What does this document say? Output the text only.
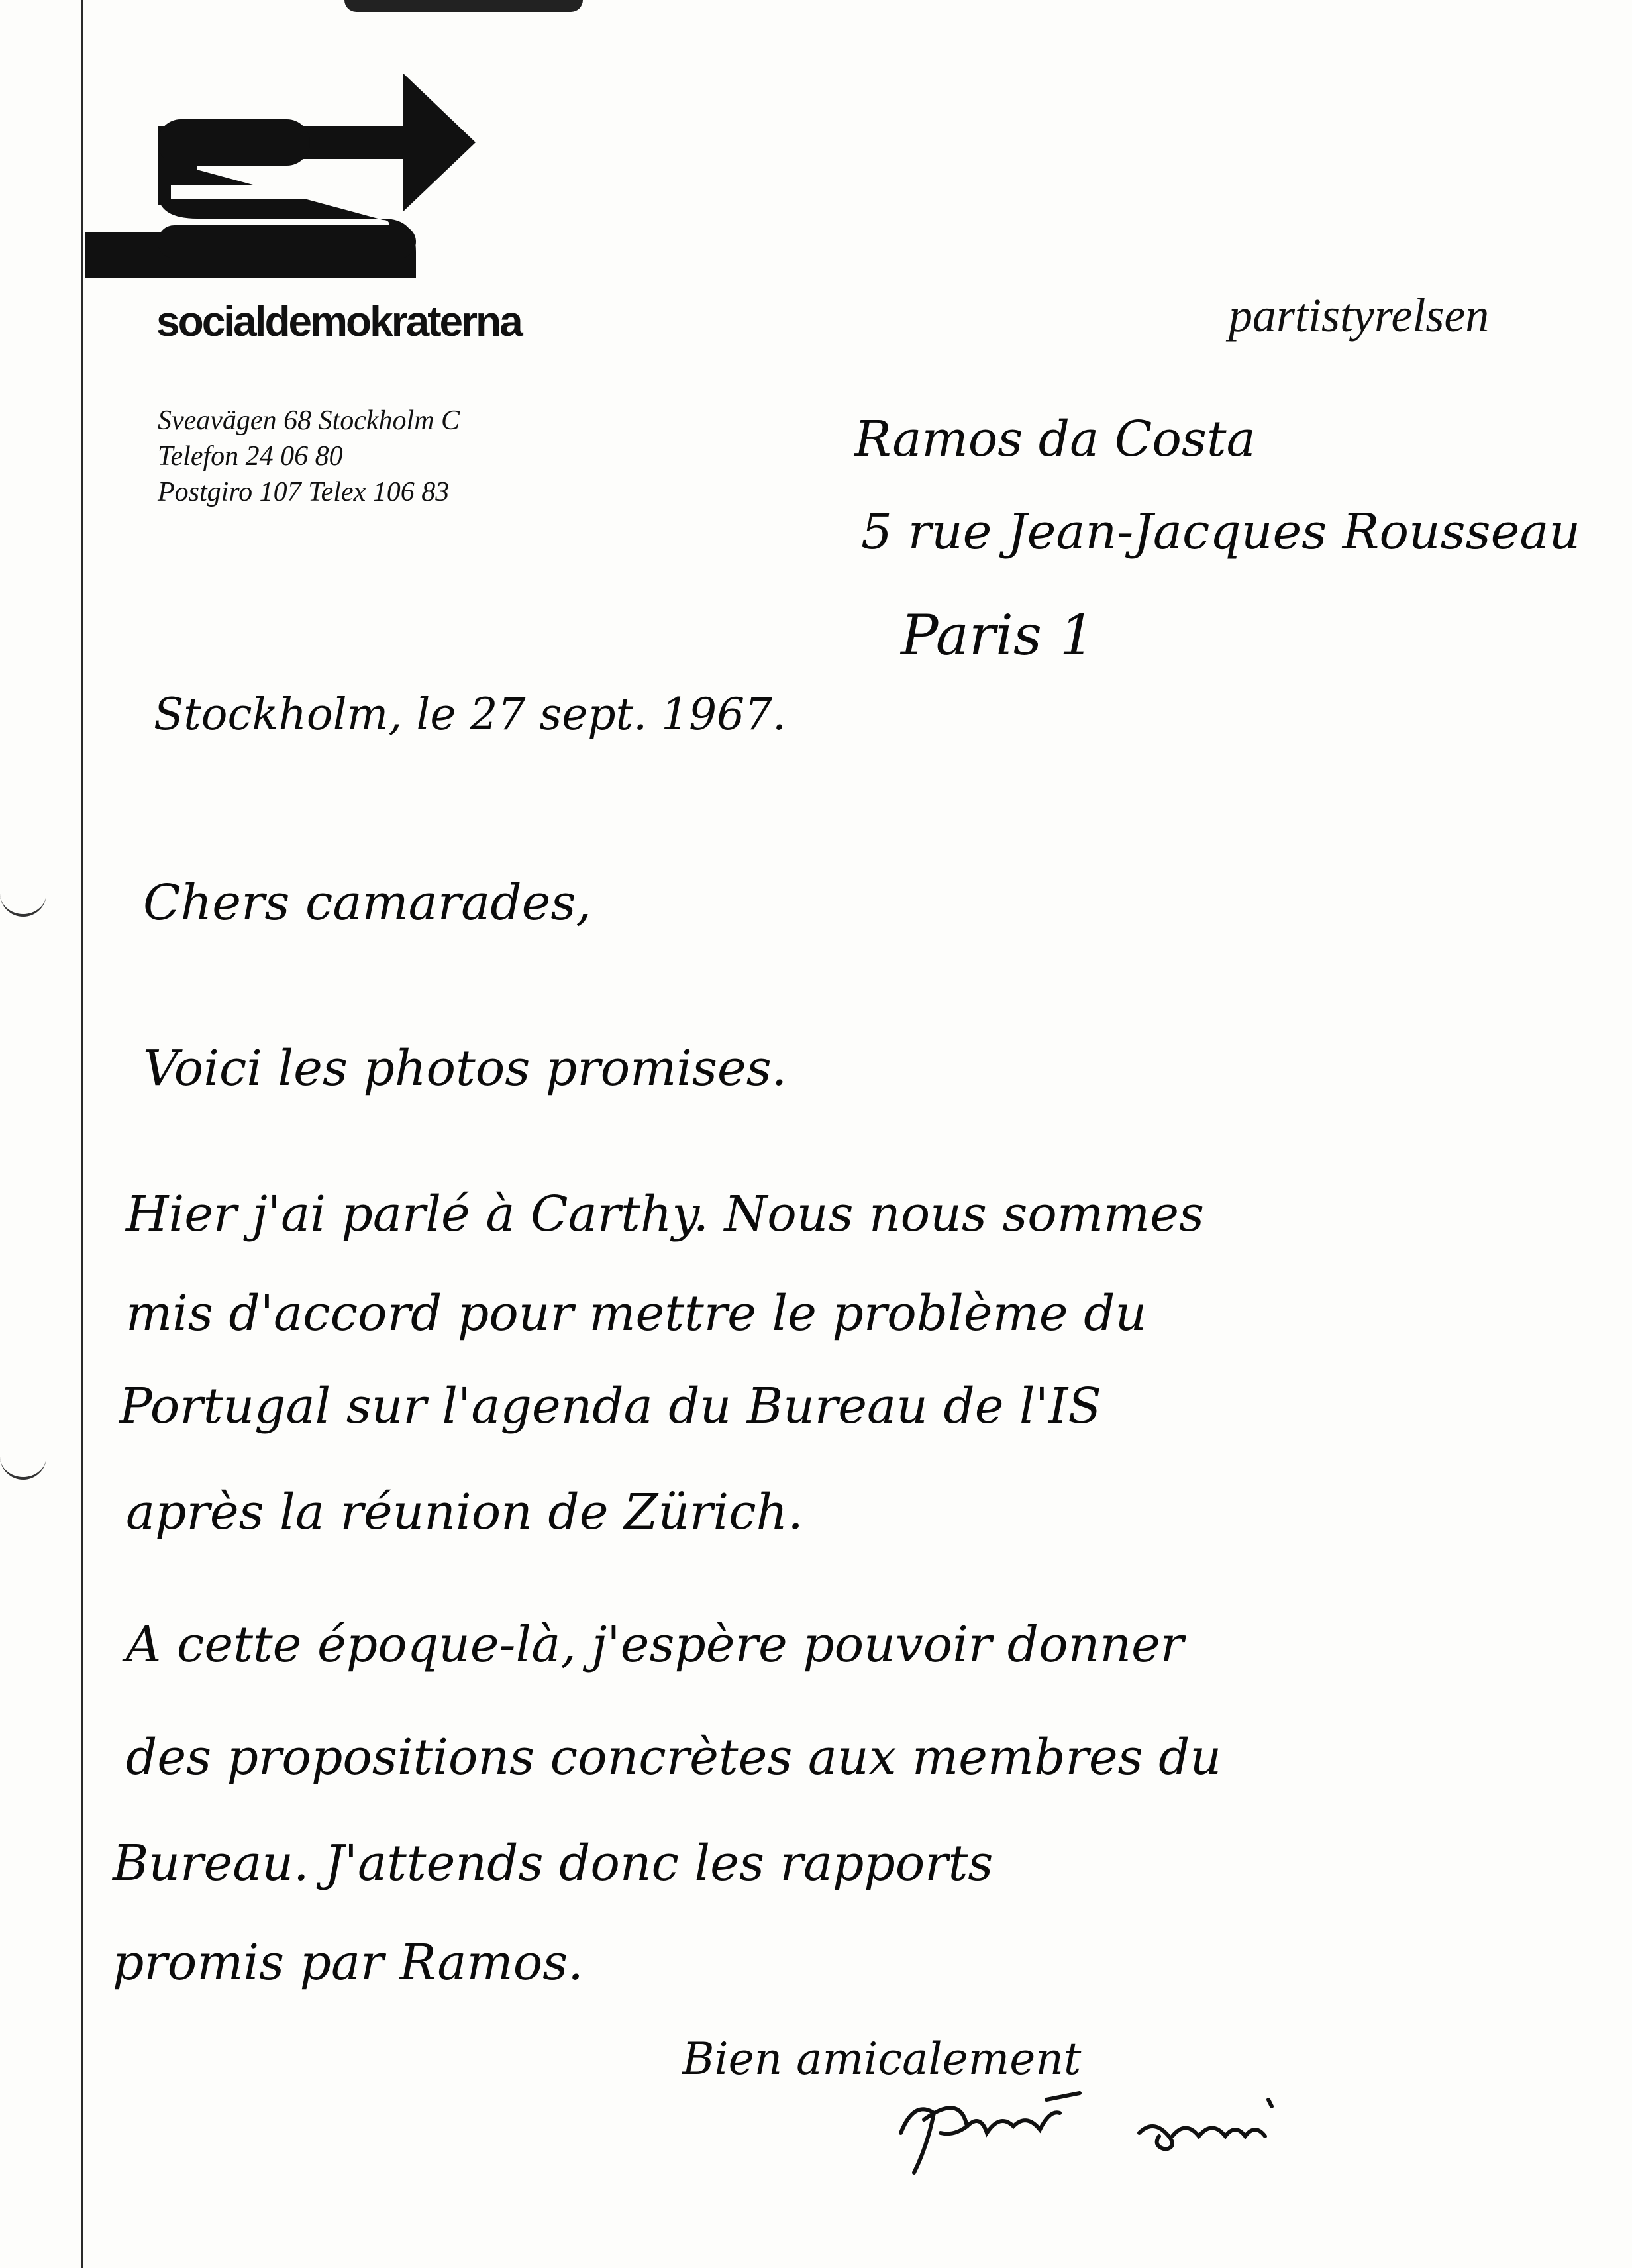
socialdemokraterna	partistyrelsen
Sveavägen 68 Stockholm C
Telefon 24 06 80
Postgiro 107 Telex 106 83
Ramos da Costa
5 rue Jean-Jacques Rousseau
Paris 1
Stockholm, le 27 sept. 1967.
Chers camarades,
Voici les photos promises.
Hier j'ai parlé à Carthy. Nous nous sommes
mis d'accord pour mettre le problème du
Portugal sur l'agenda du Bureau de l'IS
après la réunion de Zürich.
A cette époque-là, j'espère pouvoir donner
des propositions concrètes aux membres du
Bureau. J'attends donc les rapports
promis par Ramos.
Bien amicalement
